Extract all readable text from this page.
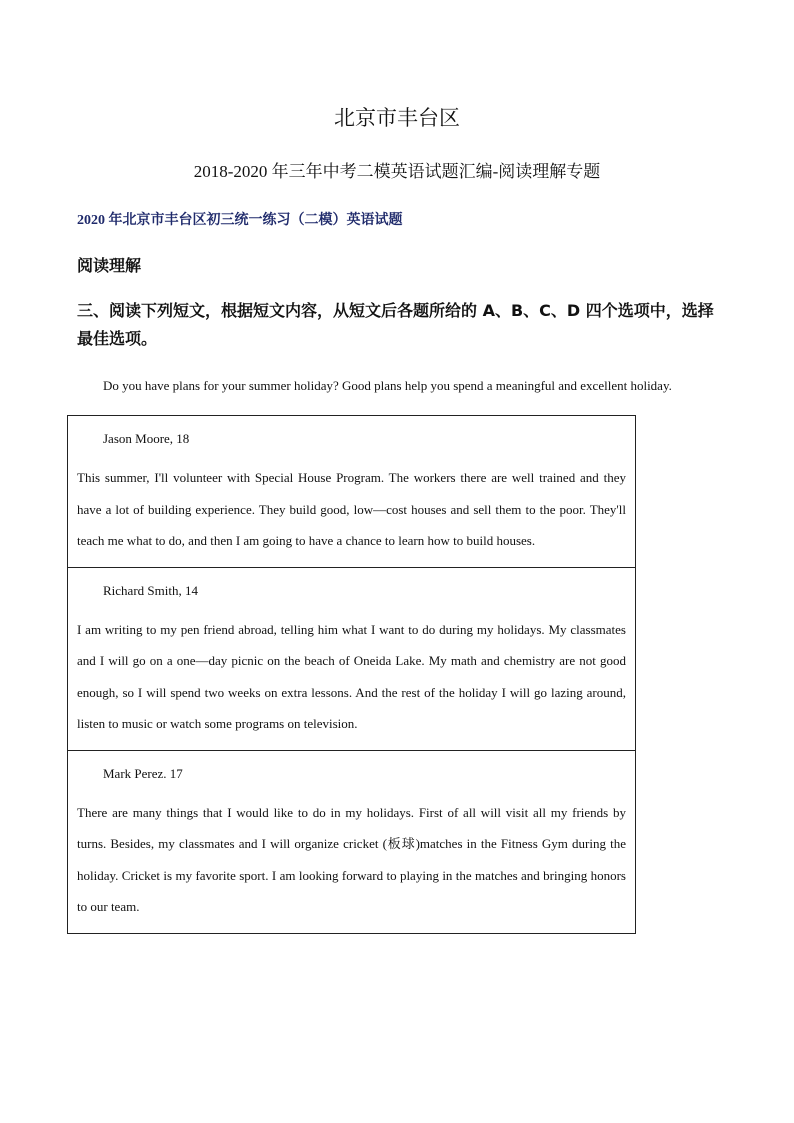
北京市丰台区
2018-2020 年三年中考二模英语试题汇编-阅读理解专题
2020 年北京市丰台区初三统一练习（二模）英语试题
阅读理解
三、阅读下列短文，根据短文内容，从短文后各题所给的 A、B、C、D 四个选项中，选择最佳选项。
Do you have plans for your summer holiday? Good plans help you spend a meaningful and excellent holiday.
Jason Moore, 18

This summer, I'll volunteer with Special House Program. The workers there are well trained and they have a lot of building experience. They build good, low—cost houses and sell them to the poor. They'll teach me what to do, and then I am going to have a chance to learn how to build houses.

Richard Smith, 14

I am writing to my pen friend abroad, telling him what I want to do during my holidays. My classmates and I will go on a one—day picnic on the beach of Oneida Lake. My math and chemistry are not good enough, so I will spend two weeks on extra lessons. And the rest of the holiday I will go lazing around, listen to music or watch some programs on television.

Mark Perez. 17

There are many things that I would like to do in my holidays. First of all will visit all my friends by turns. Besides, my classmates and I will organize cricket (板球)matches in the Fitness Gym during the holiday. Cricket is my favorite sport. I am looking forward to playing in the matches and bringing honors to our team.
